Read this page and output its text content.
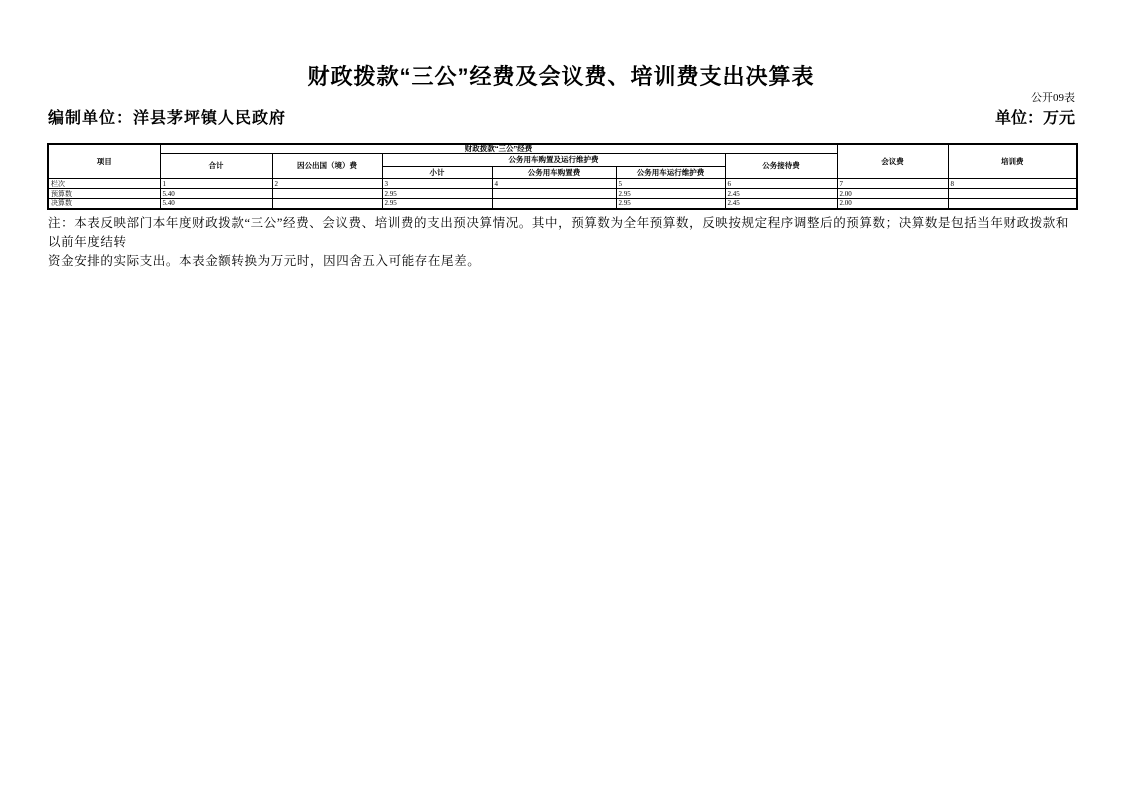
财政拨款“三公”经费及会议费、培训费支出决算表
公开09表
编制单位：洋县茅坪镇人民政府	单位：万元
项目	财政拨款“三公”经费						会议费	培训费
	合计	因公出国（境）费	公务用车购置及运行维护费			公务接待费		
			小计	公务用车购置费	公务用车运行维护费			
栏次	1	2	3	4	5	6	7	8
预算数	5.40		2.95		2.95	2.45	2.00	
决算数	5.40		2.95		2.95	2.45	2.00	
注：本表反映部门本年度财政拨款“三公”经费、会议费、培训费的支出预决算情况。其中，预算数为全年预算数，反映按规定程序调整后的预算数；决算数是包括当年财政拨款和以前年度结转
资金安排的实际支出。本表金额转换为万元时，因四舍五入可能存在尾差。
